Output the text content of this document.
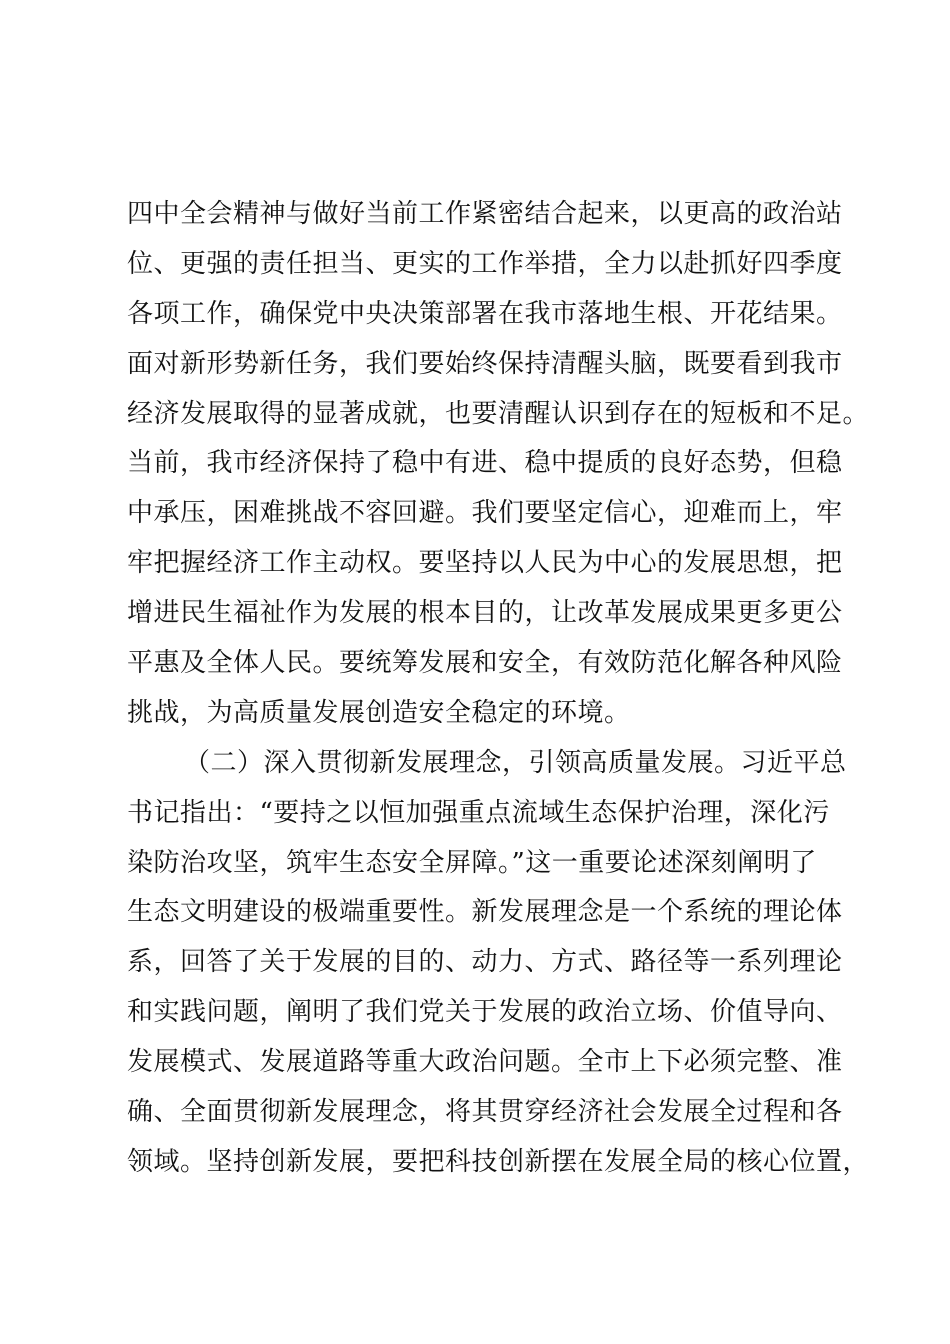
四中全会精神与做好当前工作紧密结合起来，以更高的政治站
位、更强的责任担当、更实的工作举措，全力以赴抓好四季度
各项工作，确保党中央决策部署在我市落地生根、开花结果。
面对新形势新任务，我们要始终保持清醒头脑，既要看到我市
经济发展取得的显著成就，也要清醒认识到存在的短板和不足。
当前，我市经济保持了稳中有进、稳中提质的良好态势，但稳
中承压，困难挑战不容回避。我们要坚定信心，迎难而上，牢
牢把握经济工作主动权。要坚持以人民为中心的发展思想，把
增进民生福祉作为发展的根本目的，让改革发展成果更多更公
平惠及全体人民。要统筹发展和安全，有效防范化解各种风险
挑战，为高质量发展创造安全稳定的环境。
（二）深入贯彻新发展理念，引领高质量发展。习近平总
书记指出：“要持之以恒加强重点流域生态保护治理，深化污
染防治攻坚，筑牢生态安全屏障。”这一重要论述深刻阐明了
生态文明建设的极端重要性。新发展理念是一个系统的理论体
系，回答了关于发展的目的、动力、方式、路径等一系列理论
和实践问题，阐明了我们党关于发展的政治立场、价值导向、
发展模式、发展道路等重大政治问题。全市上下必须完整、准
确、全面贯彻新发展理念，将其贯穿经济社会发展全过程和各
领域。坚持创新发展，要把科技创新摆在发展全局的核心位置，
